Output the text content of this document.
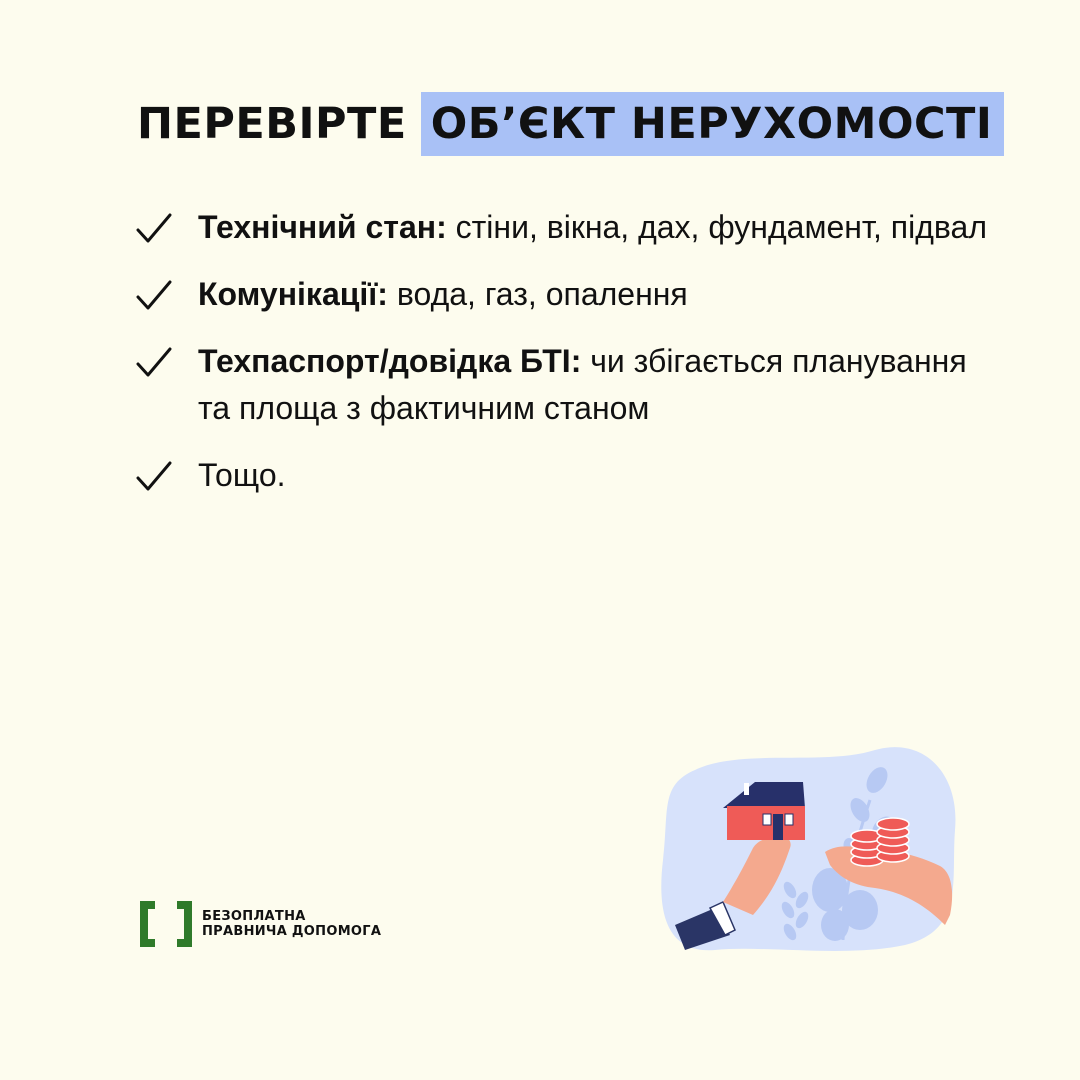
ПЕРЕВІРТЕ ОБ’ЄКТ НЕРУХОМОСТІ
Технічний стан: стіни, вікна, дах, фундамент, підвал
Комунікації: вода, газ, опалення
Техпаспорт/довідка БТІ: чи збігається планування та площа з фактичним станом
Тощо.
БЕЗОПЛАТНА
ПРАВНИЧА ДОПОМОГА
